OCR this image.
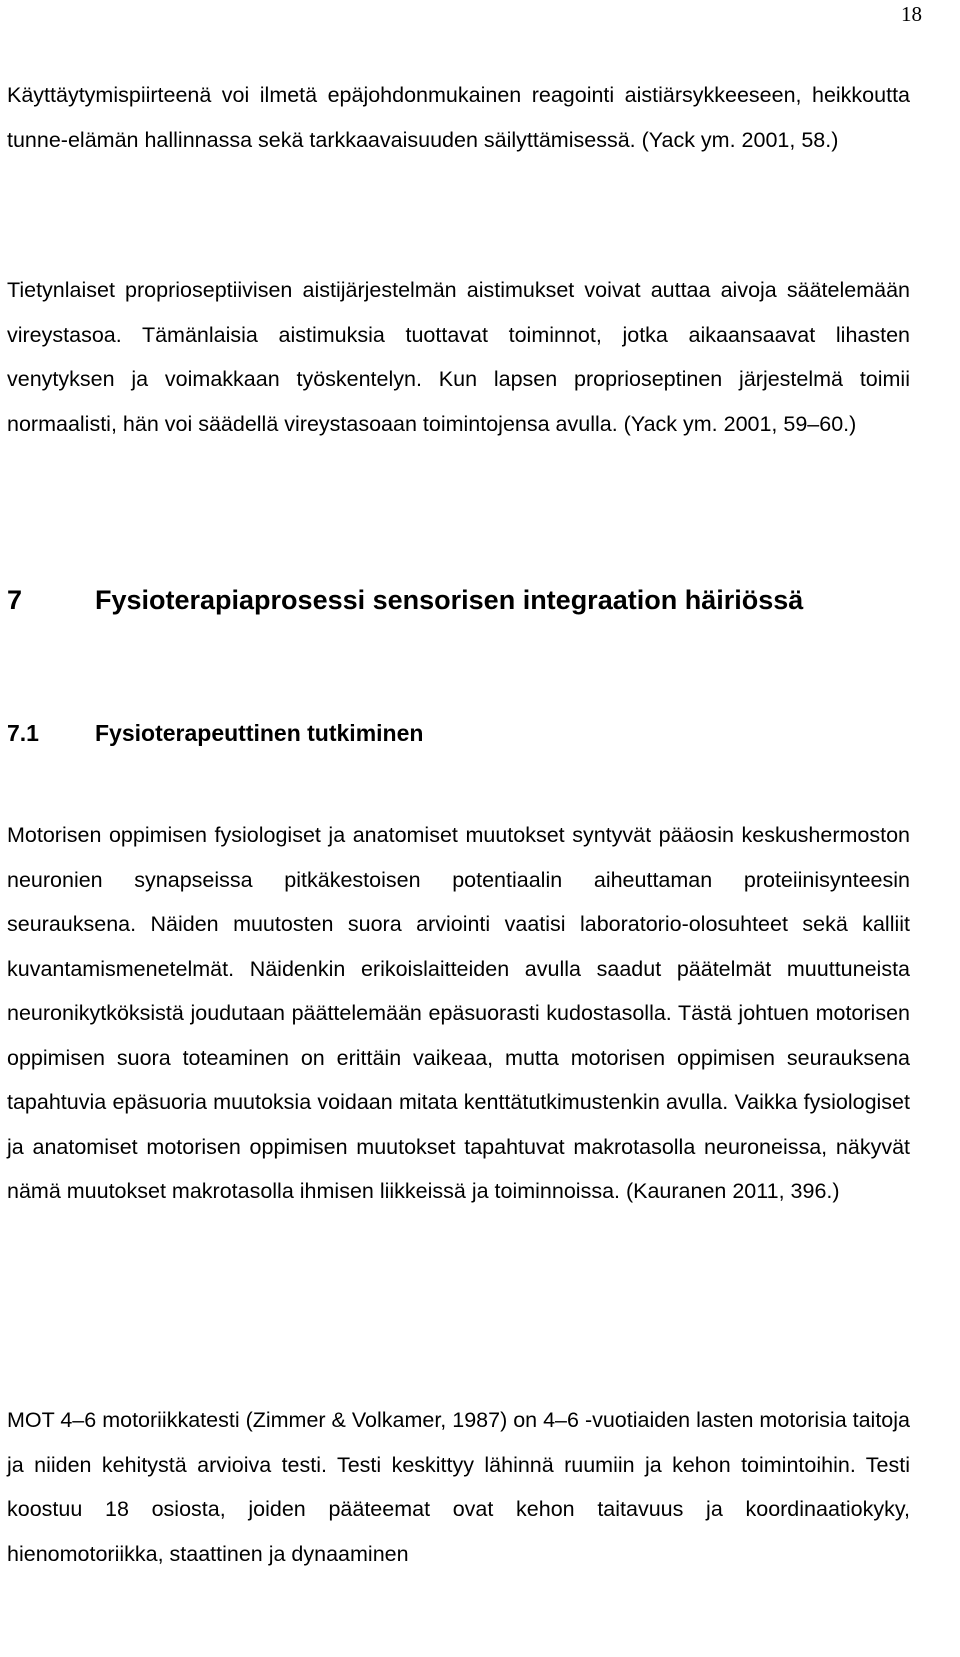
18

Käyttäytymispiirteenä voi ilmetä epäjohdonmukainen reagointi aistiärsykkeeseen, heikkoutta tunne-elämän hallinnassa sekä tarkkaavaisuuden säilyttämisessä. (Yack ym. 2001, 58.)

Tietynlaiset proprioseptiivisen aistijärjestelmän aistimukset voivat auttaa aivoja säätelemään vireystasoa. Tämänlaisia aistimuksia tuottavat toiminnot, jotka aikaansaavat lihasten venytyksen ja voimakkaan työskentelyn. Kun lapsen proprioseptinen järjestelmä toimii normaalisti, hän voi säädellä vireystasoaan toimintojensa avulla. (Yack ym. 2001, 59–60.)

7	Fysioterapiaprosessi sensorisen integraation häiriössä

7.1 Fysioterapeuttinen tutkiminen

Motorisen oppimisen fysiologiset ja anatomiset muutokset syntyvät pääosin keskushermoston neuronien synapseissa pitkäkestoisen potentiaalin aiheuttaman proteiinisynteesin seurauksena. Näiden muutosten suora arviointi vaatisi laboratorio-olosuhteet sekä kalliit kuvantamismenetelmät. Näidenkin erikoislaitteiden avulla saadut päätelmät muuttuneista neuronikytköksistä joudutaan päättelemään epäsuorasti kudostasolla. Tästä johtuen motorisen oppimisen suora toteaminen on erittäin vaikeaa, mutta motorisen oppimisen seurauksena tapahtuvia epäsuoria muutoksia voidaan mitata kenttätutkimustenkin avulla. Vaikka fysiologiset ja anatomiset motorisen oppimisen muutokset tapahtuvat makrotasolla neuroneissa, näkyvät nämä muutokset makrotasolla ihmisen liikkeissä ja toiminnoissa. (Kauranen 2011, 396.)

MOT 4–6 motoriikkatesti (Zimmer & Volkamer, 1987) on 4–6 -vuotiaiden lasten motorisia taitoja ja niiden kehitystä arvioiva testi. Testi keskittyy lähinnä ruumiin ja kehon toimintoihin. Testi koostuu 18 osiosta, joiden pääteemat ovat kehon taitavuus ja koordinaatiokyky, hienomotoriikka, staattinen ja dynaaminen
